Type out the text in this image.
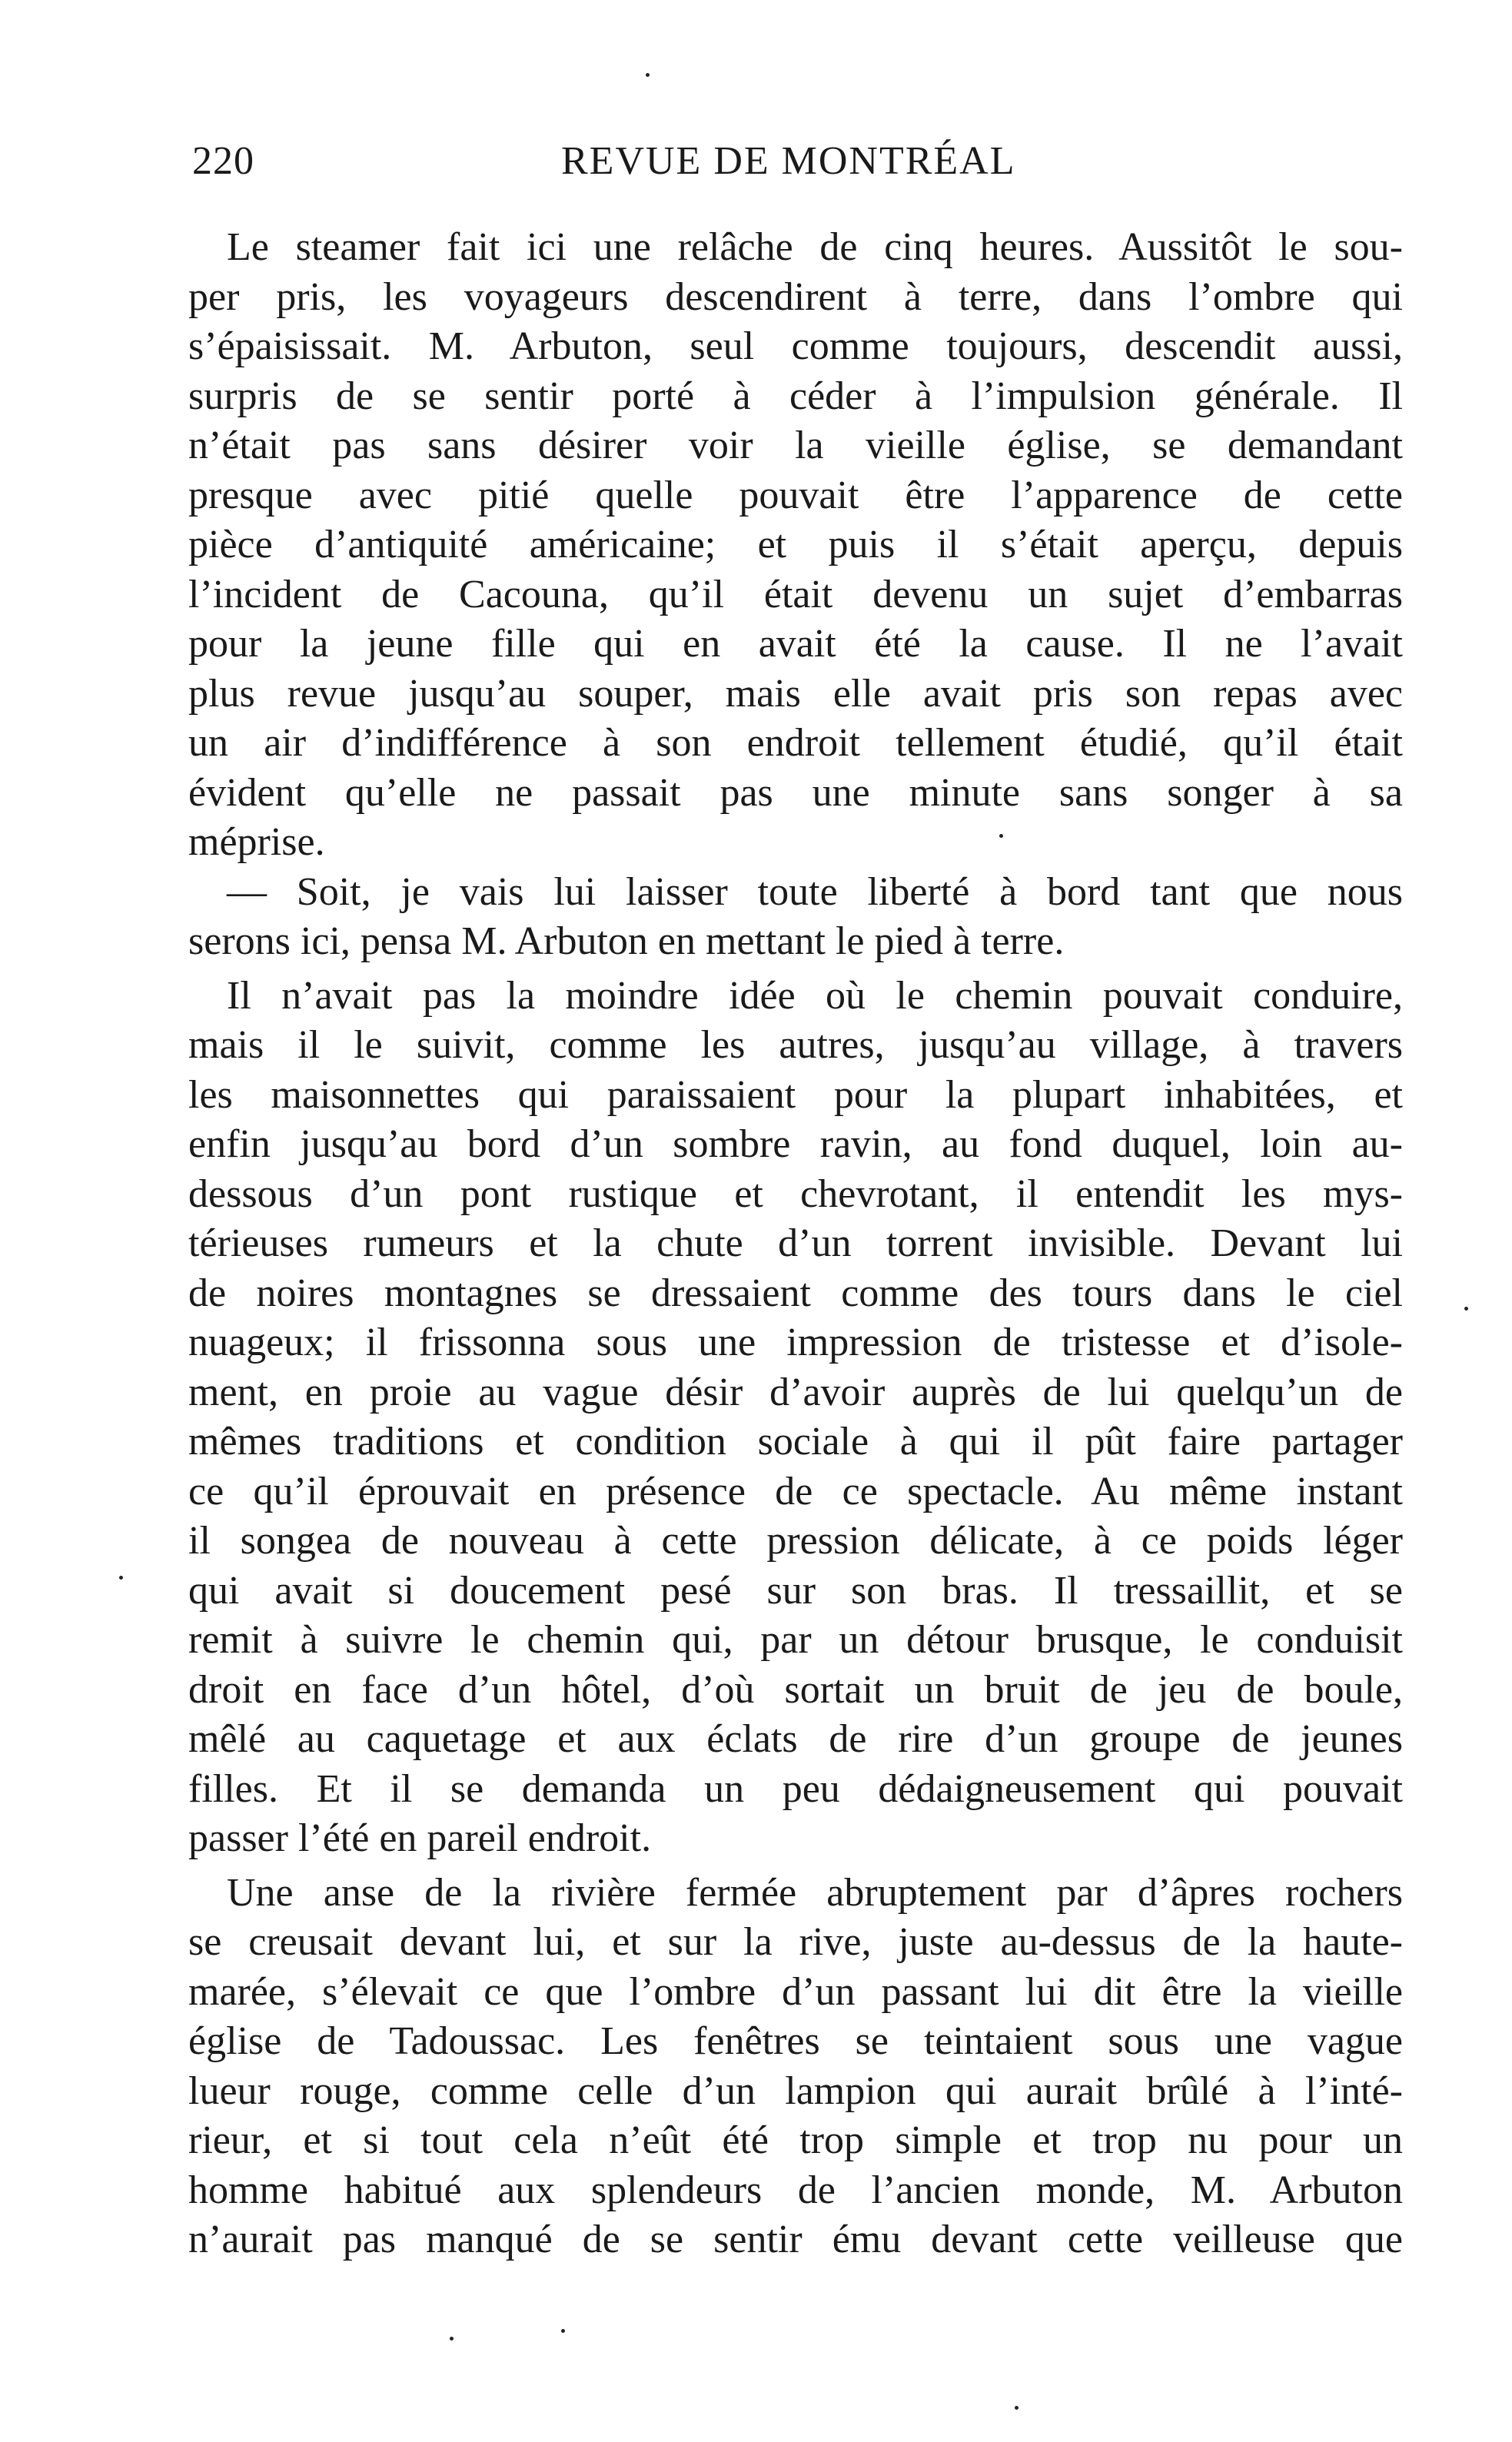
220	REVUE DE MONTRÉAL
Le steamer fait ici une relâche de cinq heures. Aussitôt le sou-
per pris, les voyageurs descendirent à terre, dans l’ombre qui
s’épaisissait. M. Arbuton, seul comme toujours, descendit aussi,
surpris de se sentir porté à céder à l’impulsion générale. Il
n’était pas sans désirer voir la vieille église, se demandant
presque avec pitié quelle pouvait être l’apparence de cette
pièce d’antiquité américaine; et puis il s’était aperçu, depuis
l’incident de Cacouna, qu’il était devenu un sujet d’embarras
pour la jeune fille qui en avait été la cause. Il ne l’avait
plus revue jusqu’au souper, mais elle avait pris son repas avec
un air d’indifférence à son endroit tellement étudié, qu’il était
évident qu’elle ne passait pas une minute sans songer à sa
méprise.
— Soit, je vais lui laisser toute liberté à bord tant que nous
serons ici, pensa M. Arbuton en mettant le pied à terre.
Il n’avait pas la moindre idée où le chemin pouvait conduire,
mais il le suivit, comme les autres, jusqu’au village, à travers
les maisonnettes qui paraissaient pour la plupart inhabitées, et
enfin jusqu’au bord d’un sombre ravin, au fond duquel, loin au-
dessous d’un pont rustique et chevrotant, il entendit les mys-
térieuses rumeurs et la chute d’un torrent invisible. Devant lui
de noires montagnes se dressaient comme des tours dans le ciel
nuageux; il frissonna sous une impression de tristesse et d’isole-
ment, en proie au vague désir d’avoir auprès de lui quelqu’un de
mêmes traditions et condition sociale à qui il pût faire partager
ce qu’il éprouvait en présence de ce spectacle. Au même instant
il songea de nouveau à cette pression délicate, à ce poids léger
qui avait si doucement pesé sur son bras. Il tressaillit, et se
remit à suivre le chemin qui, par un détour brusque, le conduisit
droit en face d’un hôtel, d’où sortait un bruit de jeu de boule,
mêlé au caquetage et aux éclats de rire d’un groupe de jeunes
filles. Et il se demanda un peu dédaigneusement qui pouvait
passer l’été en pareil endroit.
Une anse de la rivière fermée abruptement par d’âpres rochers
se creusait devant lui, et sur la rive, juste au-dessus de la haute-
marée, s’élevait ce que l’ombre d’un passant lui dit être la vieille
église de Tadoussac. Les fenêtres se teintaient sous une vague
lueur rouge, comme celle d’un lampion qui aurait brûlé à l’inté-
rieur, et si tout cela n’eût été trop simple et trop nu pour un
homme habitué aux splendeurs de l’ancien monde, M. Arbuton
n’aurait pas manqué de se sentir ému devant cette veilleuse que
